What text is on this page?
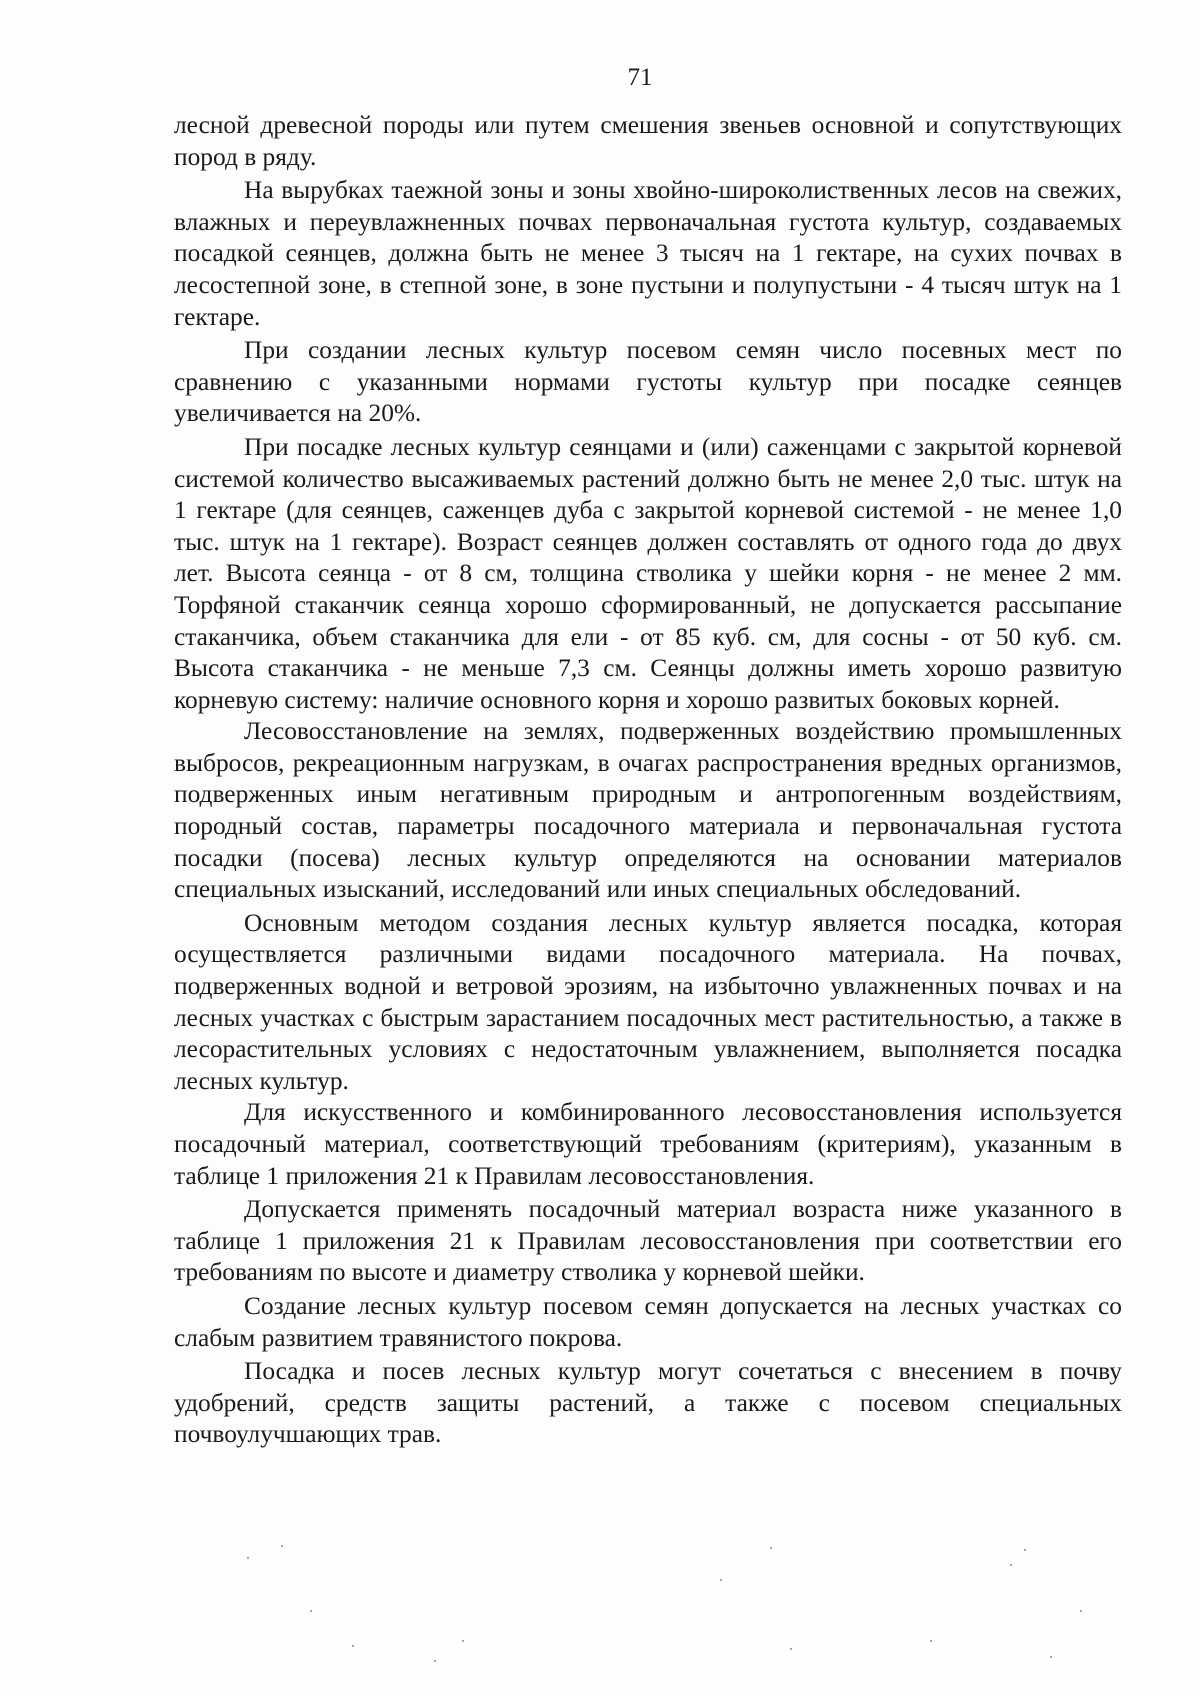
71

лесной древесной породы или путем смешения звеньев основной и сопутствующих пород в ряду.

На вырубках таежной зоны и зоны хвойно-широколиственных лесов на свежих, влажных и переувлажненных почвах первоначальная густота культур, создаваемых посадкой сеянцев, должна быть не менее 3 тысяч на 1 гектаре, на сухих почвах в лесостепной зоне, в степной зоне, в зоне пустыни и полупустыни - 4 тысяч штук на 1 гектаре.

При создании лесных культур посевом семян число посевных мест по сравнению с указанными нормами густоты культур при посадке сеянцев увеличивается на 20%.

При посадке лесных культур сеянцами и (или) саженцами с закрытой корневой системой количество высаживаемых растений должно быть не менее 2,0 тыс. штук на 1 гектаре (для сеянцев, саженцев дуба с закрытой корневой системой - не менее 1,0 тыс. штук на 1 гектаре). Возраст сеянцев должен составлять от одного года до двух лет. Высота сеянца - от 8 см, толщина стволика у шейки корня - не менее 2 мм. Торфяной стаканчик сеянца хорошо сформированный, не допускается рассыпание стаканчика, объем стаканчика для ели - от 85 куб. см, для сосны - от 50 куб. см. Высота стаканчика - не меньше 7,3 см. Сеянцы должны иметь хорошо развитую корневую систему: наличие основного корня и хорошо развитых боковых корней.

Лесовосстановление на землях, подверженных воздействию промышленных выбросов, рекреационным нагрузкам, в очагах распространения вредных организмов, подверженных иным негативным природным и антропогенным воздействиям, породный состав, параметры посадочного материала и первоначальная густота посадки (посева) лесных культур определяются на основании материалов специальных изысканий, исследований или иных специальных обследований.

Основным методом создания лесных культур является посадка, которая осуществляется различными видами посадочного материала. На почвах, подверженных водной и ветровой эрозиям, на избыточно увлажненных почвах и на лесных участках с быстрым зарастанием посадочных мест растительностью, а также в лесорастительных условиях с недостаточным увлажнением, выполняется посадка лесных культур.

Для искусственного и комбинированного лесовосстановления используется посадочный материал, соответствующий требованиям (критериям), указанным в таблице 1 приложения 21 к Правилам лесовосстановления.

Допускается применять посадочный материал возраста ниже указанного в таблице 1 приложения 21 к Правилам лесовосстановления при соответствии его требованиям по высоте и диаметру стволика у корневой шейки.

Создание лесных культур посевом семян допускается на лесных участках со слабым развитием травянистого покрова.

Посадка и посев лесных культур могут сочетаться с внесением в почву удобрений, средств защиты растений, а также с посевом специальных почвоулучшающих трав.
